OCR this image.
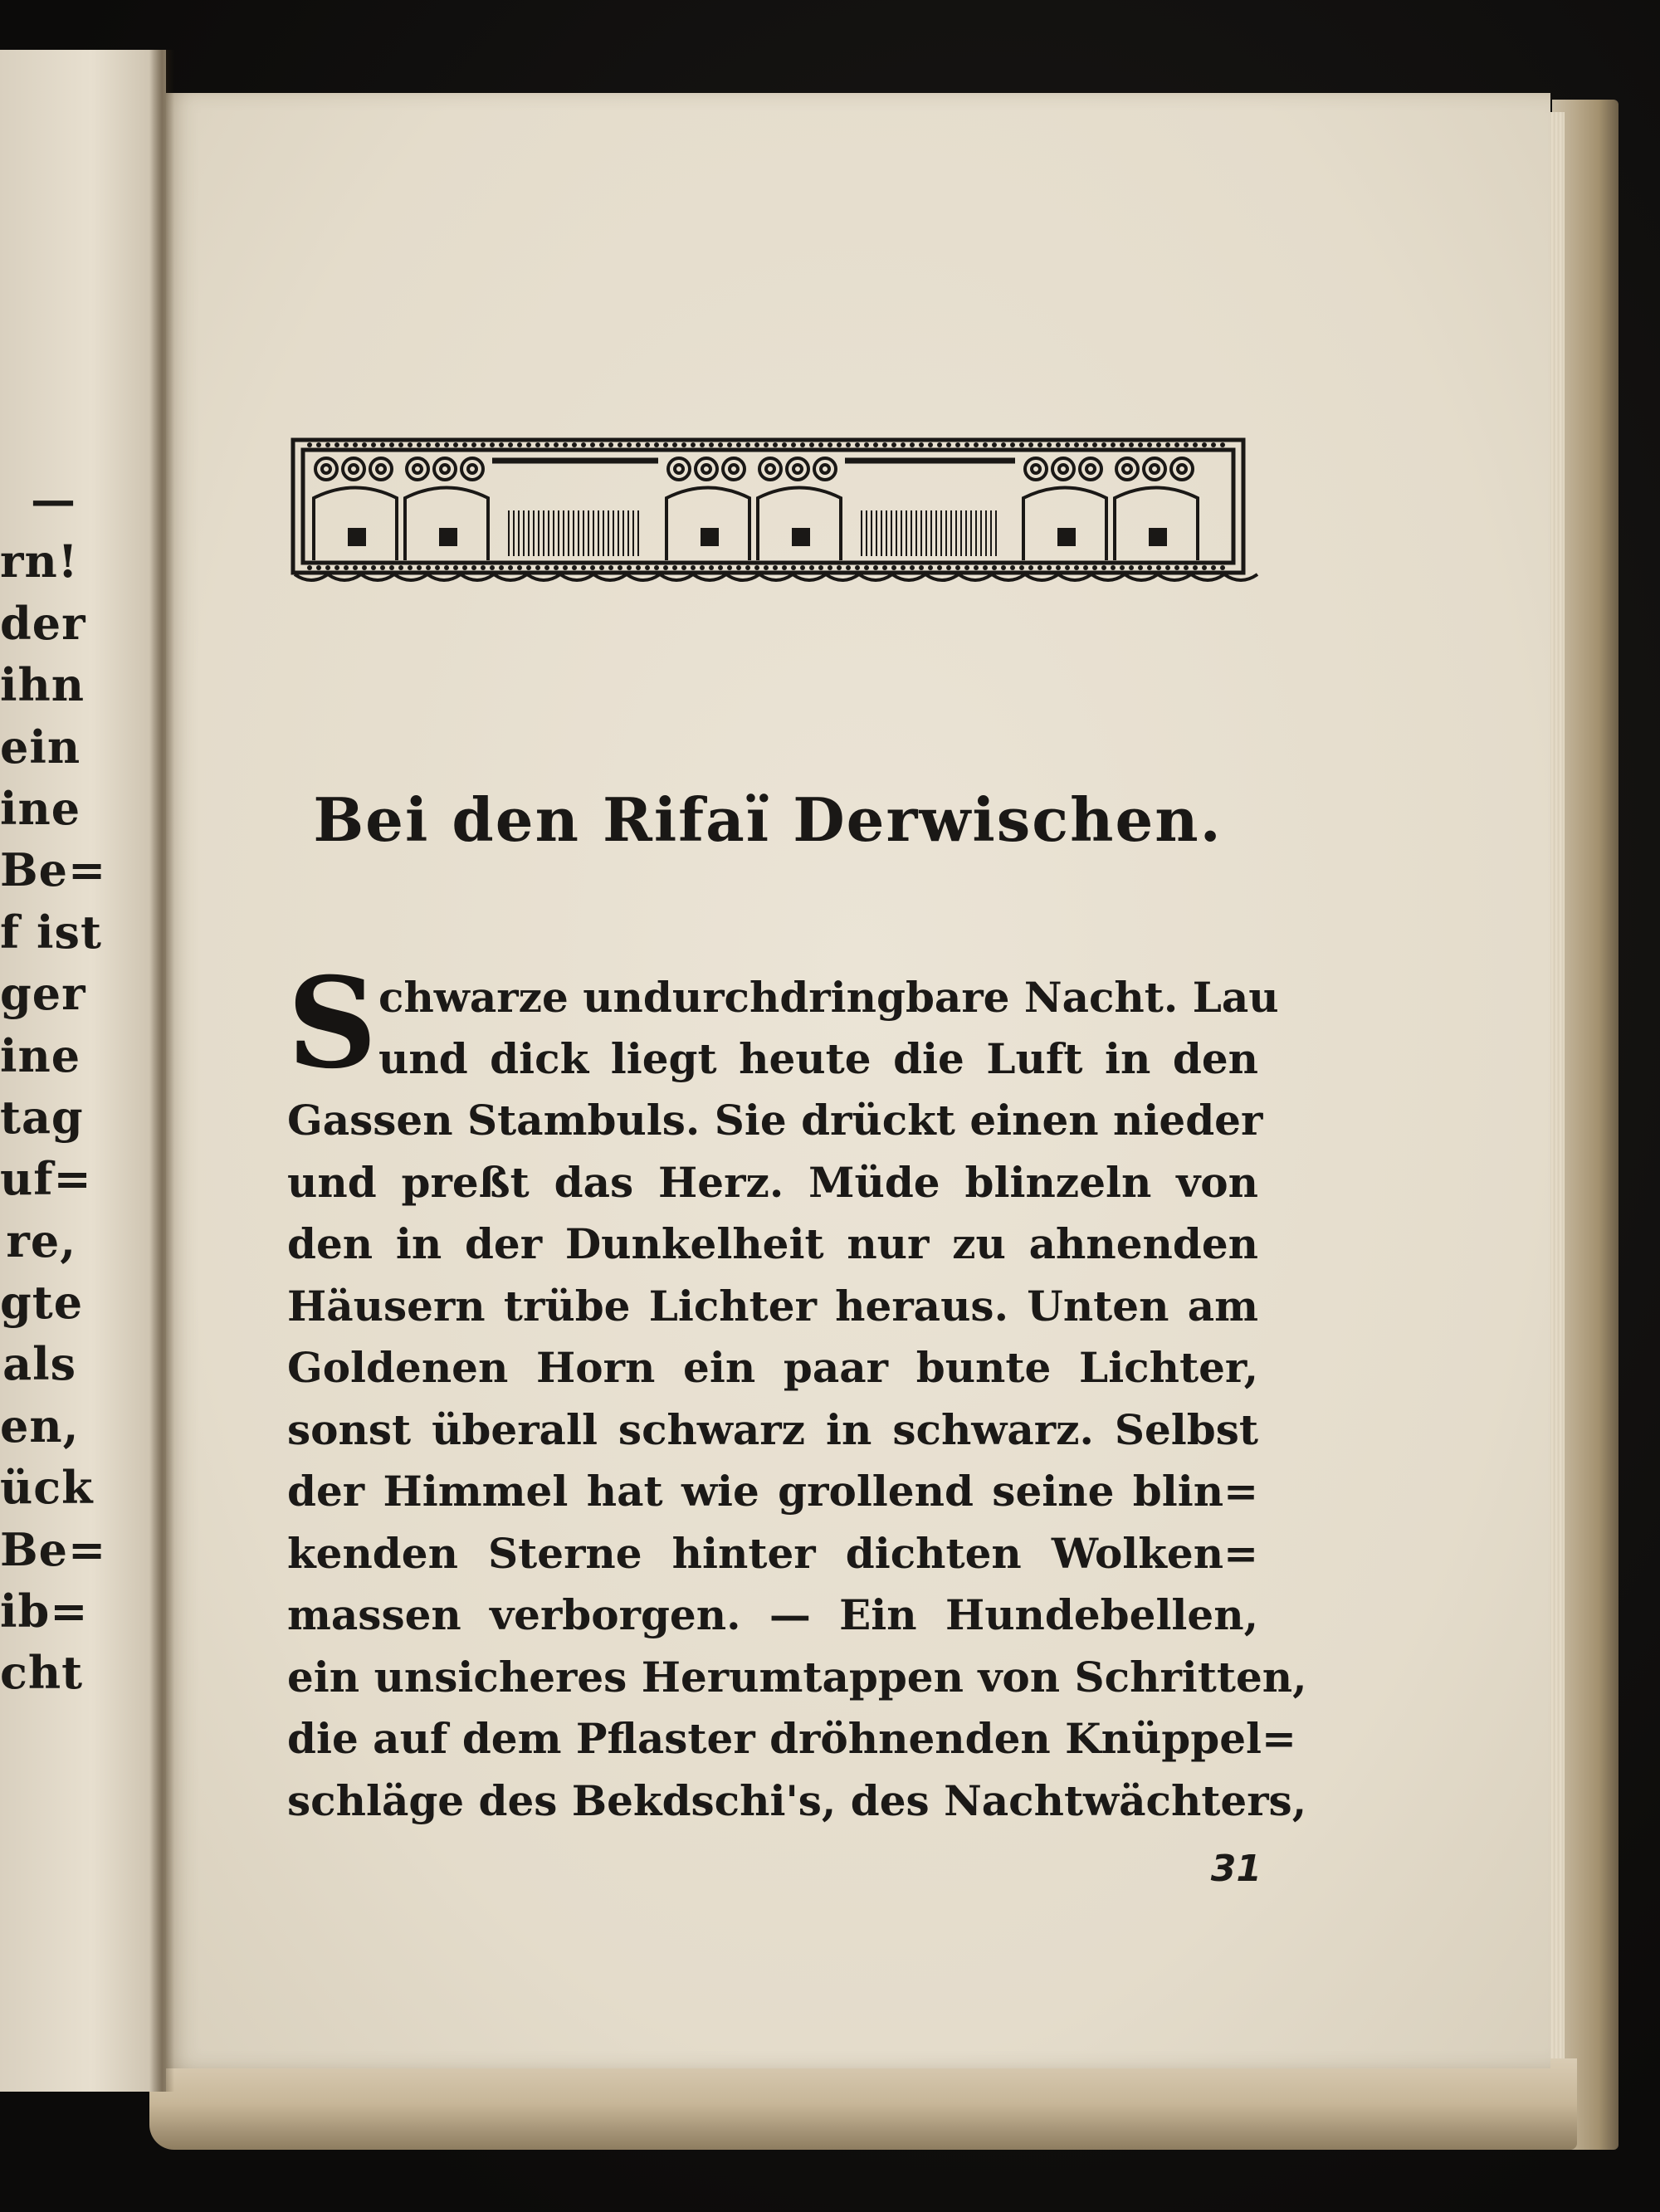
—
rn!
der
ihn
ein
ine
Be=
f ist
ger
ine
tag
uf=
re,
gte
als
en,
ück
Be=
ib=
cht
Bei den Rifaï Derwischen.
S chwarze undurchdringbare Nacht. Lau
und dick liegt heute die Luft in den
Gassen Stambuls. Sie drückt einen nieder
und preßt das Herz. Müde blinzeln von
den in der Dunkelheit nur zu ahnenden
Häusern trübe Lichter heraus. Unten am
Goldenen Horn ein paar bunte Lichter,
sonst überall schwarz in schwarz. Selbst
der Himmel hat wie grollend seine blin=
kenden Sterne hinter dichten Wolken=
massen verborgen. — Ein Hundebellen,
ein unsicheres Herumtappen von Schritten,
die auf dem Pflaster dröhnenden Knüppel=
schläge des Bekdschi's, des Nachtwächters,
31
